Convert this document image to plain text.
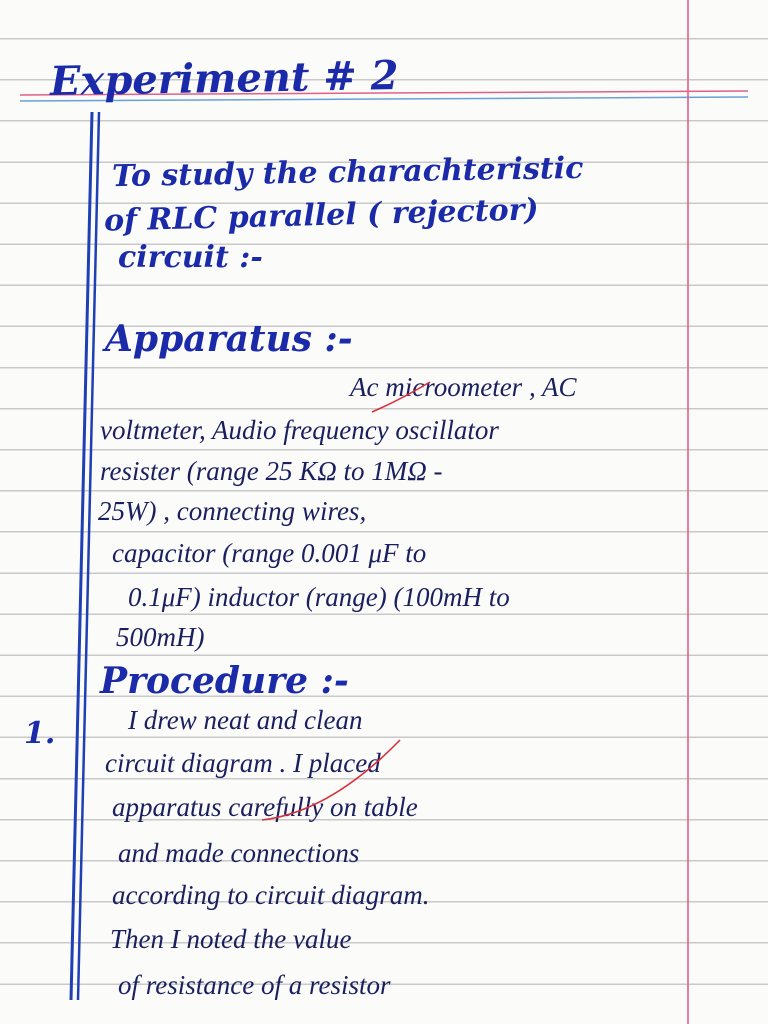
Experiment # 2
To study the charachteristic
of RLC parallel ( rejector)
circuit :-
Apparatus :-
Ac microometer , AC
voltmeter, Audio frequency oscillator
resister (range 25 KΩ to 1MΩ -
25W) , connecting wires,
capacitor (range 0.001 μF to
0.1μF) inductor (range) (100mH to
500mH)
Procedure :-
1.	I drew neat and clean
circuit diagram . I placed
apparatus carefully on table
and made connections
according to circuit diagram.
Then I noted the value
of resistance of a resistor
